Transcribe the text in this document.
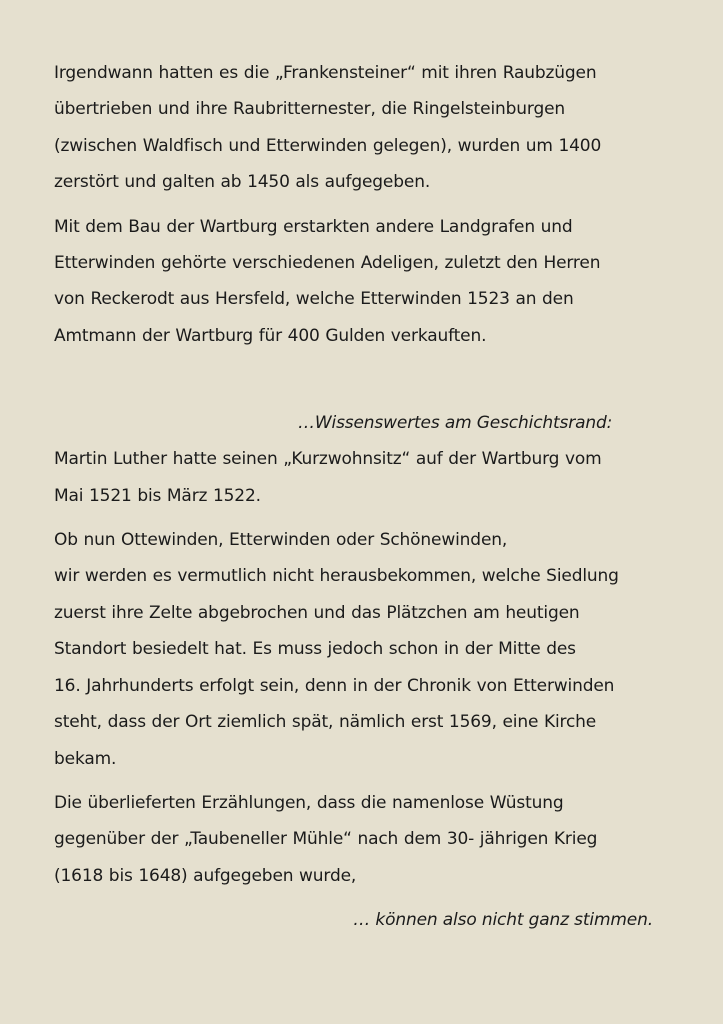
Irgendwann hatten es die „Frankensteiner“ mit ihren Raubzügen
übertrieben und ihre Raubritternester, die Ringelsteinburgen
(zwischen Waldfisch und Etterwinden gelegen), wurden um 1400
zerstört und galten ab 1450 als aufgegeben.

Mit dem Bau der Wartburg erstarkten andere Landgrafen und
Etterwinden gehörte verschiedenen Adeligen, zuletzt den Herren
von Reckerodt aus Hersfeld, welche Etterwinden 1523 an den
Amtmann der Wartburg für 400 Gulden verkauften.

…Wissenswertes am Geschichtsrand:

Martin Luther hatte seinen „Kurzwohnsitz“ auf der Wartburg vom
Mai 1521 bis März 1522.

Ob nun Ottewinden, Etterwinden oder Schönewinden,
wir werden es vermutlich nicht herausbekommen, welche Siedlung
zuerst ihre Zelte abgebrochen und das Plätzchen am heutigen
Standort besiedelt hat. Es muss jedoch schon in der Mitte des
16. Jahrhunderts erfolgt sein, denn in der Chronik von Etterwinden
steht, dass der Ort ziemlich spät, nämlich erst 1569, eine Kirche
bekam.

Die überlieferten Erzählungen, dass die namenlose Wüstung
gegenüber der „Taubeneller Mühle“ nach dem 30- jährigen Krieg
(1618 bis 1648) aufgegeben wurde,

… können also nicht ganz stimmen.
